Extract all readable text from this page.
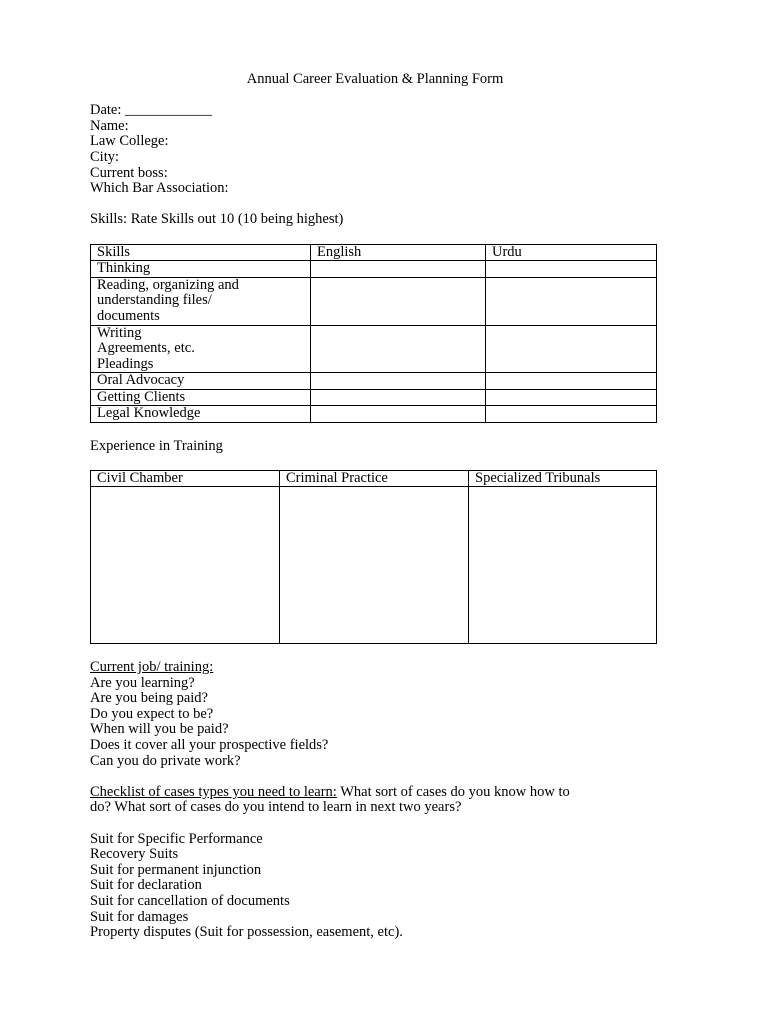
Annual Career Evaluation & Planning Form
Date: ____________
Name:
Law College:
City:
Current boss:
Which Bar Association:
Skills: Rate Skills out 10 (10 being highest)
Skills	English	Urdu

Thinking		

Reading, organizing and
understanding files/
documents		

Writing
Agreements, etc.
Pleadings		

Oral Advocacy		

Getting Clients		

Legal Knowledge		

Experience in Training
Civil Chamber	Criminal Practice	Specialized Tribunals

Current job/ training:
Are you learning?
Are you being paid?
Do you expect to be?
When will you be paid?
Does it cover all your prospective fields?
Can you do private work?
Checklist of cases types you need to learn: What sort of cases do you know how to
do? What sort of cases do you intend to learn in next two years?
Suit for Specific Performance
Recovery Suits
Suit for permanent injunction
Suit for declaration
Suit for cancellation of documents
Suit for damages
Property disputes (Suit for possession, easement, etc).
